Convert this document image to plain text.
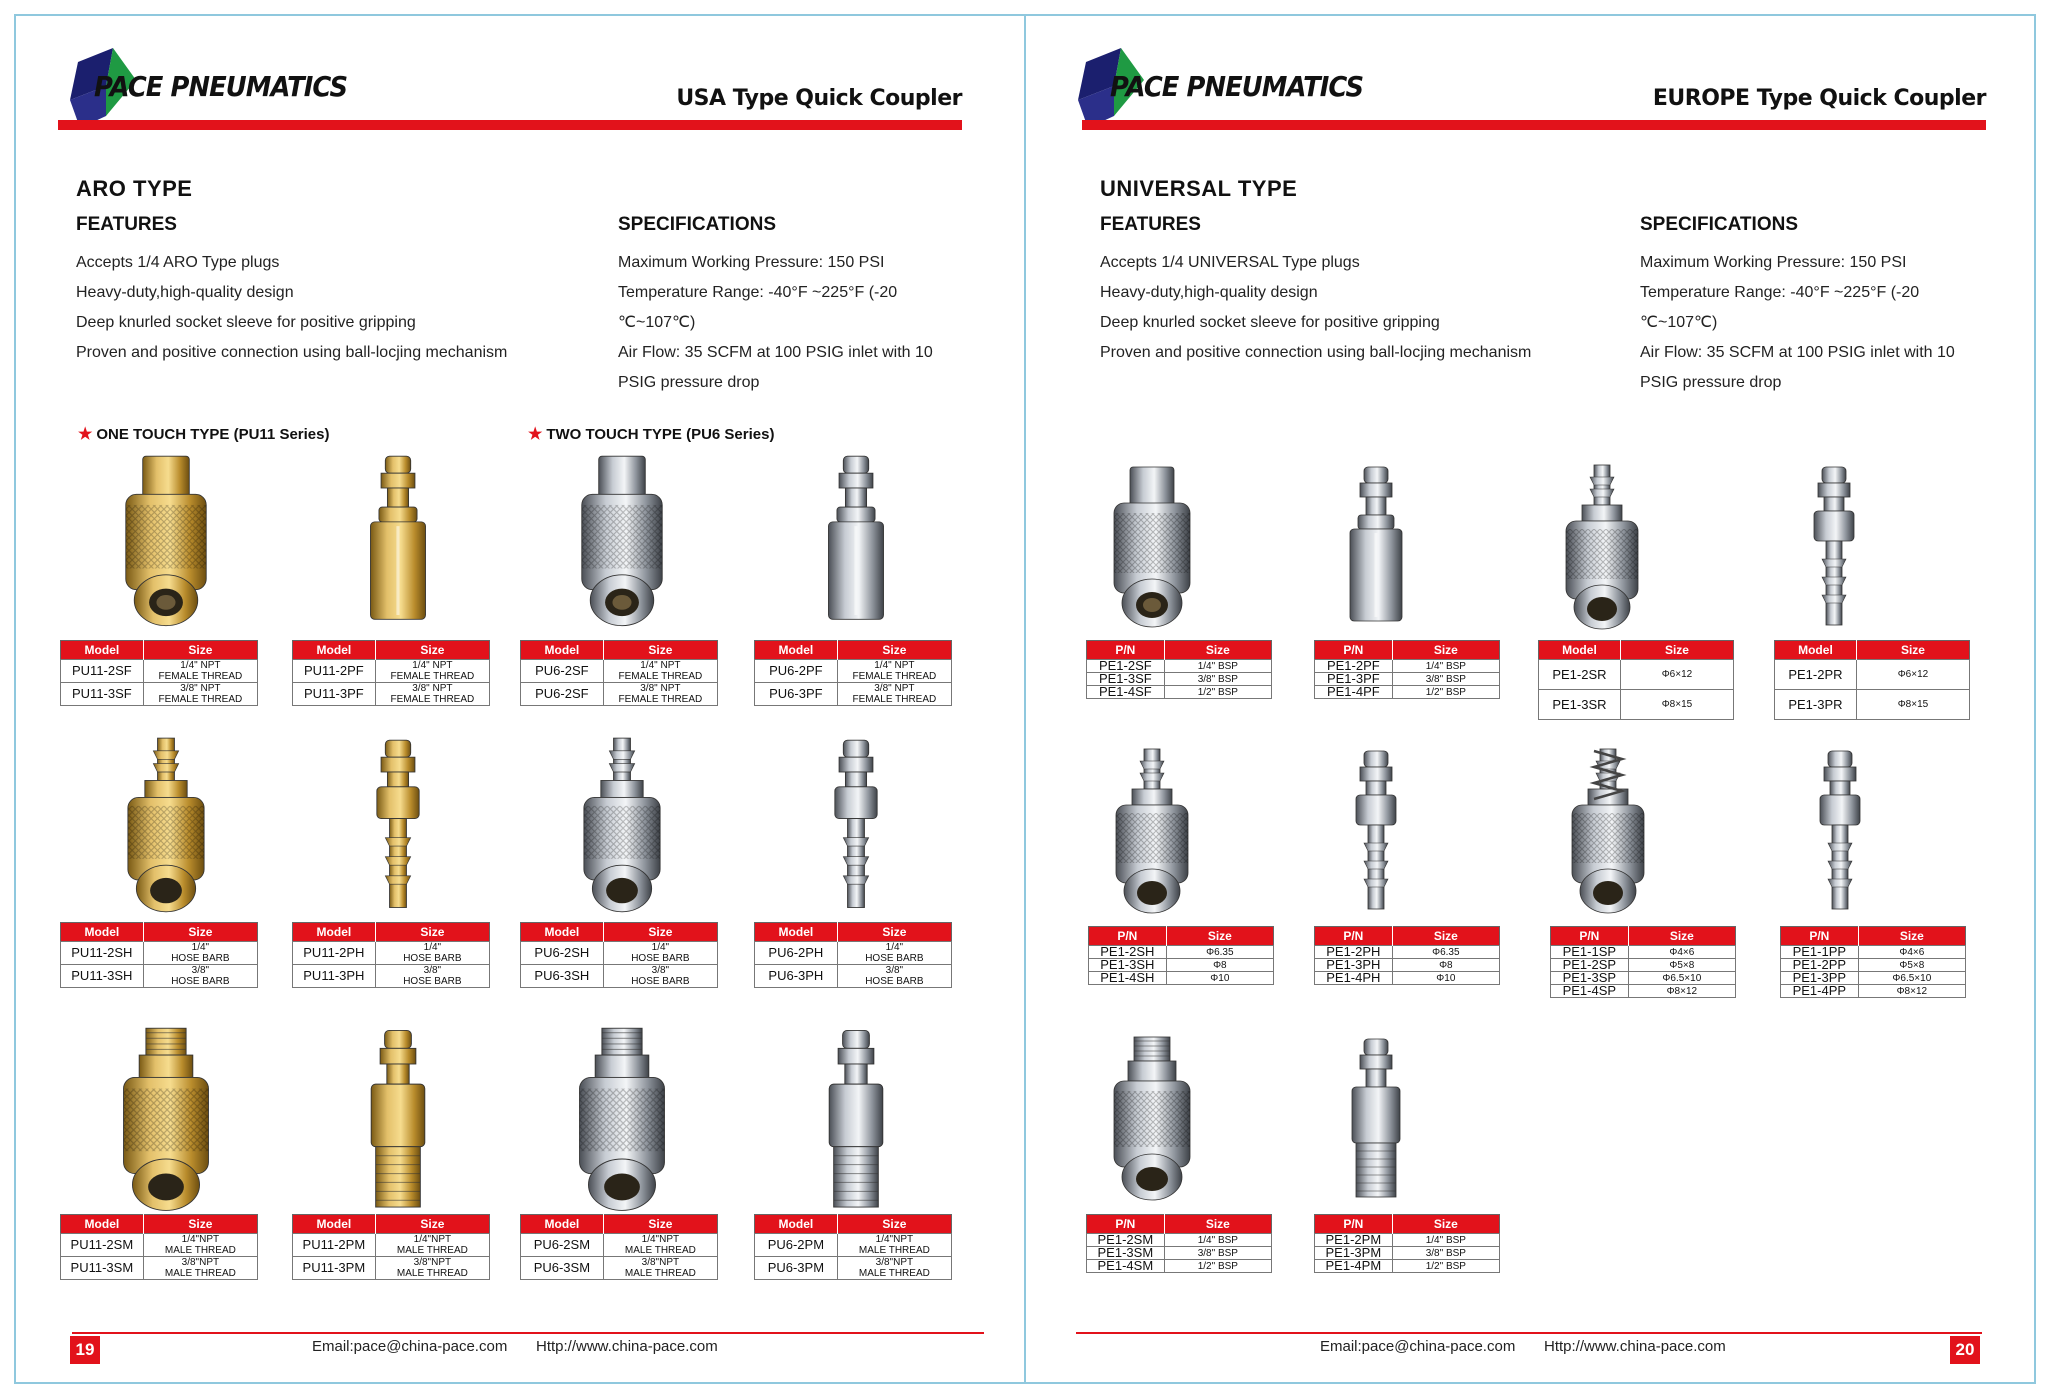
PACE PNEUMATICS	USA Type Quick Coupler
ARO TYPE
FEATURES
Accepts 1/4 ARO Type plugs
Heavy-duty,high-quality design
Deep knurled socket sleeve for positive gripping
Proven and positive connection using ball-locjing mechanism
SPECIFICATIONS

Maximum Working Pressure: 150 PSI

Temperature Range: -40°F ~225°F (-20 ℃~107℃)

Air Flow: 35 SCFM at 100 PSIG inlet with 10 PSIG pressure drop

★ ONE TOUCH TYPE (PU11 Series)	★ TWO TOUCH TYPE (PU6 Series)
Model	Size
PU11-2SF	1/4" NPT
FEMALE THREAD
PU11-3SF	3/8" NPT
FEMALE THREAD
Model	Size
PU11-2PF	1/4" NPT
FEMALE THREAD
PU11-3PF	3/8" NPT
FEMALE THREAD
Model	Size
PU6-2SF	1/4" NPT
FEMALE THREAD
PU6-2SF	3/8" NPT
FEMALE THREAD
Model	Size
PU6-2PF	1/4" NPT
FEMALE THREAD
PU6-3PF	3/8" NPT
FEMALE THREAD
Model	Size
PU11-2SH	1/4"
HOSE BARB
PU11-3SH	3/8"
HOSE BARB
Model	Size
PU11-2PH	1/4"
HOSE BARB
PU11-3PH	3/8"
HOSE BARB
Model	Size
PU6-2SH	1/4"
HOSE BARB
PU6-3SH	3/8"
HOSE BARB
Model	Size
PU6-2PH	1/4"
HOSE BARB
PU6-3PH	3/8"
HOSE BARB
Model	Size
PU11-2SM	1/4"NPT
MALE THREAD
PU11-3SM	3/8"NPT
MALE THREAD
Model	Size
PU11-2PM	1/4"NPT
MALE THREAD
PU11-3PM	3/8"NPT
MALE THREAD
Model	Size
PU6-2SM	1/4"NPT
MALE THREAD
PU6-3SM	3/8"NPT
MALE THREAD
Model	Size
PU6-2PM	1/4"NPT
MALE THREAD
PU6-3PM	3/8"NPT
MALE THREAD
19	Email:pace@china-pace.com Http://www.china-pace.com
PACE PNEUMATICS	EUROPE Type Quick Coupler
UNIVERSAL TYPE
FEATURES
Accepts 1/4 UNIVERSAL Type plugs
Heavy-duty,high-quality design
Deep knurled socket sleeve for positive gripping
Proven and positive connection using ball-locjing mechanism
SPECIFICATIONS

Maximum Working Pressure: 150 PSI

Temperature Range: -40°F ~225°F (-20 ℃~107℃)

Air Flow: 35 SCFM at 100 PSIG inlet with 10 PSIG pressure drop

P/N	Size
PE1-2SF	1/4" BSP
PE1-3SF	3/8" BSP
PE1-4SF	1/2" BSP
P/N	Size
PE1-2PF	1/4" BSP
PE1-3PF	3/8" BSP
PE1-4PF	1/2" BSP
Model	Size
PE1-2SR	Φ6×12
PE1-3SR	Φ8×15
Model	Size
PE1-2PR	Φ6×12
PE1-3PR	Φ8×15
P/N	Size
PE1-2SH	Φ6.35
PE1-3SH	Φ8
PE1-4SH	Φ10
P/N	Size
PE1-2PH	Φ6.35
PE1-3PH	Φ8
PE1-4PH	Φ10
P/N	Size
PE1-1SP	Φ4×6
PE1-2SP	Φ5×8
PE1-3SP	Φ6.5×10
PE1-4SP	Φ8×12
P/N	Size
PE1-1PP	Φ4×6
PE1-2PP	Φ5×8
PE1-3PP	Φ6.5×10
PE1-4PP	Φ8×12
P/N	Size
PE1-2SM	1/4" BSP
PE1-3SM	3/8" BSP
PE1-4SM	1/2" BSP
P/N	Size
PE1-2PM	1/4" BSP
PE1-3PM	3/8" BSP
PE1-4PM	1/2" BSP
Email:pace@china-pace.com Http://www.china-pace.com	20
